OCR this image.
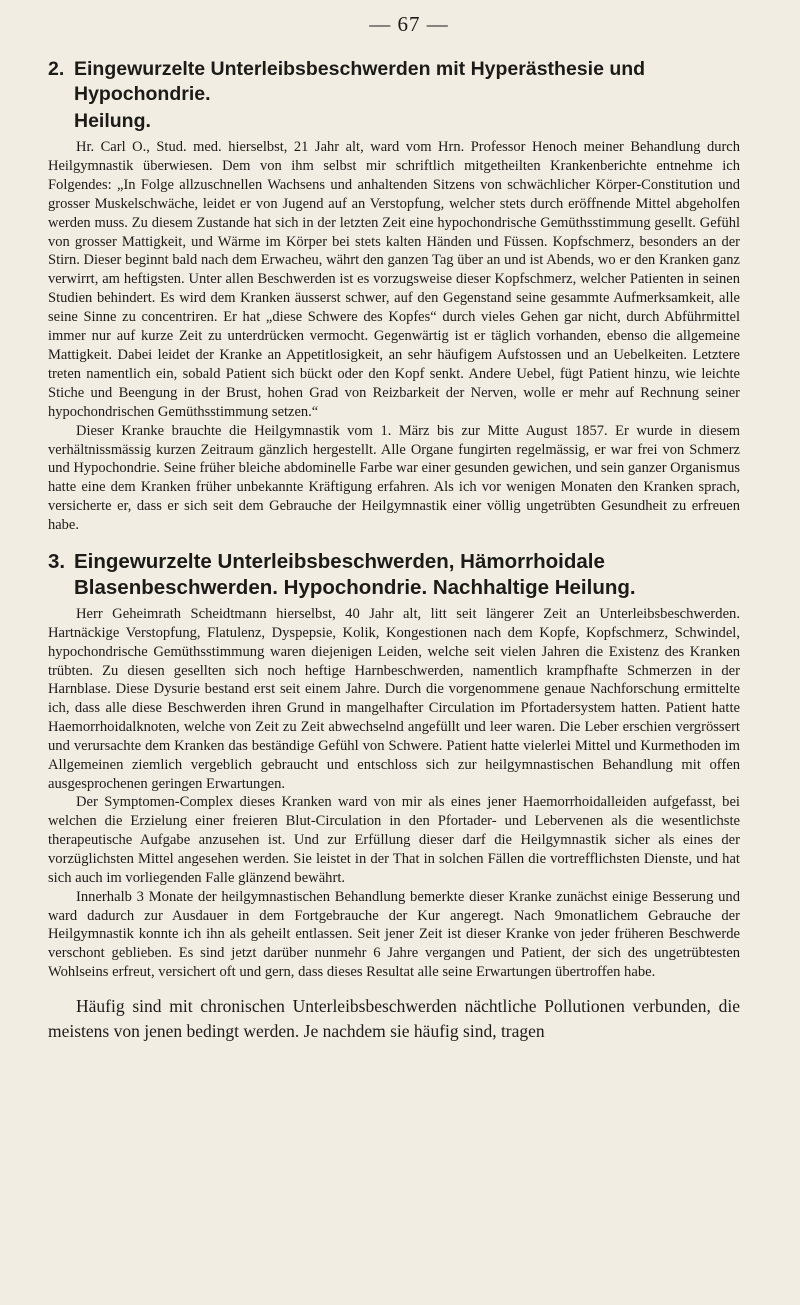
— 67 —
2. Eingewurzelte Unterleibsbeschwerden mit Hyperästhesie und Hypochondrie.
Heilung.

Hr. Carl O., Stud. med. hierselbst, 21 Jahr alt, ward vom Hrn. Professor Henoch meiner Behandlung durch Heilgymnastik überwiesen. Dem von ihm selbst mir schriftlich mitgetheilten Krankenberichte entnehme ich Folgendes: „In Folge allzuschnellen Wachsens und anhaltenden Sitzens von schwächlicher Körper-Constitution und grosser Muskelschwäche, leidet er von Jugend auf an Verstopfung, welcher stets durch eröffnende Mittel abgeholfen werden muss. Zu diesem Zustande hat sich in der letzten Zeit eine hypochondrische Gemüthsstimmung gesellt. Gefühl von grosser Mattigkeit, und Wärme im Körper bei stets kalten Händen und Füssen. Kopfschmerz, besonders an der Stirn. Dieser beginnt bald nach dem Erwacheu, währt den ganzen Tag über an und ist Abends, wo er den Kranken ganz verwirrt, am heftigsten. Unter allen Beschwerden ist es vorzugsweise dieser Kopfschmerz, welcher Patienten in seinen Studien behindert. Es wird dem Kranken äusserst schwer, auf den Gegenstand seine gesammte Aufmerksamkeit, alle seine Sinne zu concentriren. Er hat „diese Schwere des Kopfes“ durch vieles Gehen gar nicht, durch Abführmittel immer nur auf kurze Zeit zu unterdrücken vermocht. Gegenwärtig ist er täglich vorhanden, ebenso die allgemeine Mattigkeit. Dabei leidet der Kranke an Appetitlosigkeit, an sehr häufigem Aufstossen und an Uebelkeiten. Letztere treten namentlich ein, sobald Patient sich bückt oder den Kopf senkt. Andere Uebel, fügt Patient hinzu, wie leichte Stiche und Beengung in der Brust, hohen Grad von Reizbarkeit der Nerven, wolle er mehr auf Rechnung seiner hypochondrischen Gemüthsstimmung setzen.“

Dieser Kranke brauchte die Heilgymnastik vom 1. März bis zur Mitte August 1857. Er wurde in diesem verhältnissmässig kurzen Zeitraum gänzlich hergestellt. Alle Organe fungirten regelmässig, er war frei von Schmerz und Hypochondrie. Seine früher bleiche abdominelle Farbe war einer gesunden gewichen, und sein ganzer Organismus hatte eine dem Kranken früher unbekannte Kräftigung erfahren. Als ich vor wenigen Monaten den Kranken sprach, versicherte er, dass er sich seit dem Gebrauche der Heilgymnastik einer völlig ungetrübten Gesundheit zu erfreuen habe.

3. Eingewurzelte Unterleibsbeschwerden, Hämorrhoidale Blasenbeschwerden. Hypochondrie. Nachhaltige Heilung.

Herr Geheimrath Scheidtmann hierselbst, 40 Jahr alt, litt seit längerer Zeit an Unterleibsbeschwerden. Hartnäckige Verstopfung, Flatulenz, Dyspepsie, Kolik, Kongestionen nach dem Kopfe, Kopfschmerz, Schwindel, hypochondrische Gemüthsstimmung waren diejenigen Leiden, welche seit vielen Jahren die Existenz des Kranken trübten. Zu diesen gesellten sich noch heftige Harnbeschwerden, namentlich krampfhafte Schmerzen in der Harnblase. Diese Dysurie bestand erst seit einem Jahre. Durch die vorgenommene genaue Nachforschung ermittelte ich, dass alle diese Beschwerden ihren Grund in mangelhafter Circulation im Pfortadersystem hatten. Patient hatte Haemorrhoidalknoten, welche von Zeit zu Zeit abwechselnd angefüllt und leer waren. Die Leber erschien vergrössert und verursachte dem Kranken das beständige Gefühl von Schwere. Patient hatte vielerlei Mittel und Kurmethoden im Allgemeinen ziemlich vergeblich gebraucht und entschloss sich zur heilgymnastischen Behandlung mit offen ausgesprochenen geringen Erwartungen.

Der Symptomen-Complex dieses Kranken ward von mir als eines jener Haemorrhoidalleiden aufgefasst, bei welchen die Erzielung einer freieren Blut-Circulation in den Pfortader- und Lebervenen als die wesentlichste therapeutische Aufgabe anzusehen ist. Und zur Erfüllung dieser darf die Heilgymnastik sicher als eines der vorzüglichsten Mittel angesehen werden. Sie leistet in der That in solchen Fällen die vortrefflichsten Dienste, und hat sich auch im vorliegenden Falle glänzend bewährt.

Innerhalb 3 Monate der heilgymnastischen Behandlung bemerkte dieser Kranke zunächst einige Besserung und ward dadurch zur Ausdauer in dem Fortgebrauche der Kur angeregt. Nach 9monatlichem Gebrauche der Heilgymnastik konnte ich ihn als geheilt entlassen. Seit jener Zeit ist dieser Kranke von jeder früheren Beschwerde verschont geblieben. Es sind jetzt darüber nunmehr 6 Jahre vergangen und Patient, der sich des ungetrübtesten Wohlseins erfreut, versichert oft und gern, dass dieses Resultat alle seine Erwartungen übertroffen habe.

Häufig sind mit chronischen Unterleibsbeschwerden nächtliche Pollutionen verbunden, die meistens von jenen bedingt werden. Je nachdem sie häufig sind, tragen
